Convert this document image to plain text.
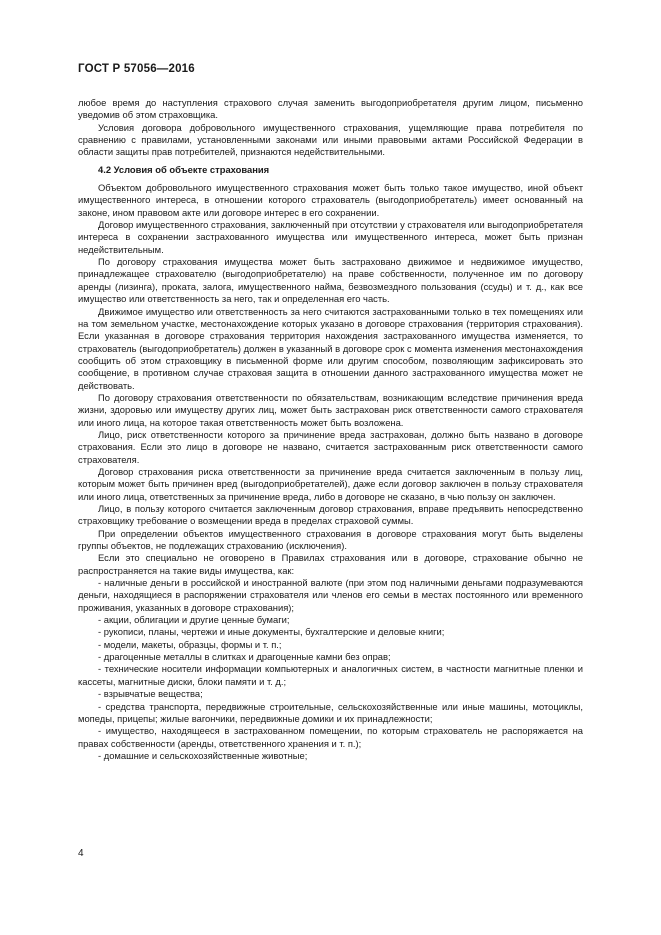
ГОСТ Р 57056—2016

любое время до наступления страхового случая заменить выгодоприобретателя другим лицом, письменно уведомив об этом страховщика.

Условия договора добровольного имущественного страхования, ущемляющие права потребителя по сравнению с правилами, установленными законами или иными правовыми актами Российской Федерации в области защиты прав потребителей, признаются недействительными.

4.2 Условия об объекте страхования

Объектом добровольного имущественного страхования может быть только такое имущество, иной объект имущественного интереса, в отношении которого страхователь (выгодоприобретатель) имеет основанный на законе, ином правовом акте или договоре интерес в его сохранении.

Договор имущественного страхования, заключенный при отсутствии у страхователя или выгодоприобретателя интереса в сохранении застрахованного имущества или имущественного интереса, может быть признан недействительным.

По договору страхования имущества может быть застраховано движимое и недвижимое имущество, принадлежащее страхователю (выгодоприобретателю) на праве собственности, полученное им по договору аренды (лизинга), проката, залога, имущественного найма, безвозмездного пользования (ссуды) и т. д., как все имущество или ответственность за него, так и определенная его часть.

Движимое имущество или ответственность за него считаются застрахованными только в тех помещениях или на том земельном участке, местонахождение которых указано в договоре страхования (территория страхования). Если указанная в договоре страхования территория нахождения застрахованного имущества изменяется, то страхователь (выгодоприобретатель) должен в указанный в договоре срок с момента изменения местонахождения сообщить об этом страховщику в письменной форме или другим способом, позволяющим зафиксировать это сообщение, в противном случае страховая защита в отношении данного застрахованного имущества может не действовать.

По договору страхования ответственности по обязательствам, возникающим вследствие причинения вреда жизни, здоровью или имуществу других лиц, может быть застрахован риск ответственности самого страхователя или иного лица, на которое такая ответственность может быть возложена.

Лицо, риск ответственности которого за причинение вреда застрахован, должно быть названо в договоре страхования. Если это лицо в договоре не названо, считается застрахованным риск ответственности самого страхователя.

Договор страхования риска ответственности за причинение вреда считается заключенным в пользу лиц, которым может быть причинен вред (выгодоприобретателей), даже если договор заключен в пользу страхователя или иного лица, ответственных за причинение вреда, либо в договоре не сказано, в чью пользу он заключен.

Лицо, в пользу которого считается заключенным договор страхования, вправе предъявить непосредственно страховщику требование о возмещении вреда в пределах страховой суммы.

При определении объектов имущественного страхования в договоре страхования могут быть выделены группы объектов, не подлежащих страхованию (исключения).

Если это специально не оговорено в Правилах страхования или в договоре, страхование обычно не распространяется на такие виды имущества, как:

- наличные деньги в российской и иностранной валюте (при этом под наличными деньгами подразумеваются деньги, находящиеся в распоряжении страхователя или членов его семьи в местах постоянного или временного проживания, указанных в договоре страхования);

- акции, облигации и другие ценные бумаги;

- рукописи, планы, чертежи и иные документы, бухгалтерские и деловые книги;

- модели, макеты, образцы, формы и т. п.;

- драгоценные металлы в слитках и драгоценные камни без оправ;

- технические носители информации компьютерных и аналогичных систем, в частности магнитные пленки и кассеты, магнитные диски, блоки памяти и т. д.;

- взрывчатые вещества;

- средства транспорта, передвижные строительные, сельскохозяйственные или иные машины, мотоциклы, мопеды, прицепы; жилые вагончики, передвижные домики и их принадлежности;

- имущество, находящееся в застрахованном помещении, по которым страхователь не распоряжается на правах собственности (аренды, ответственного хранения и т. п.);

- домашние и сельскохозяйственные животные;

4
